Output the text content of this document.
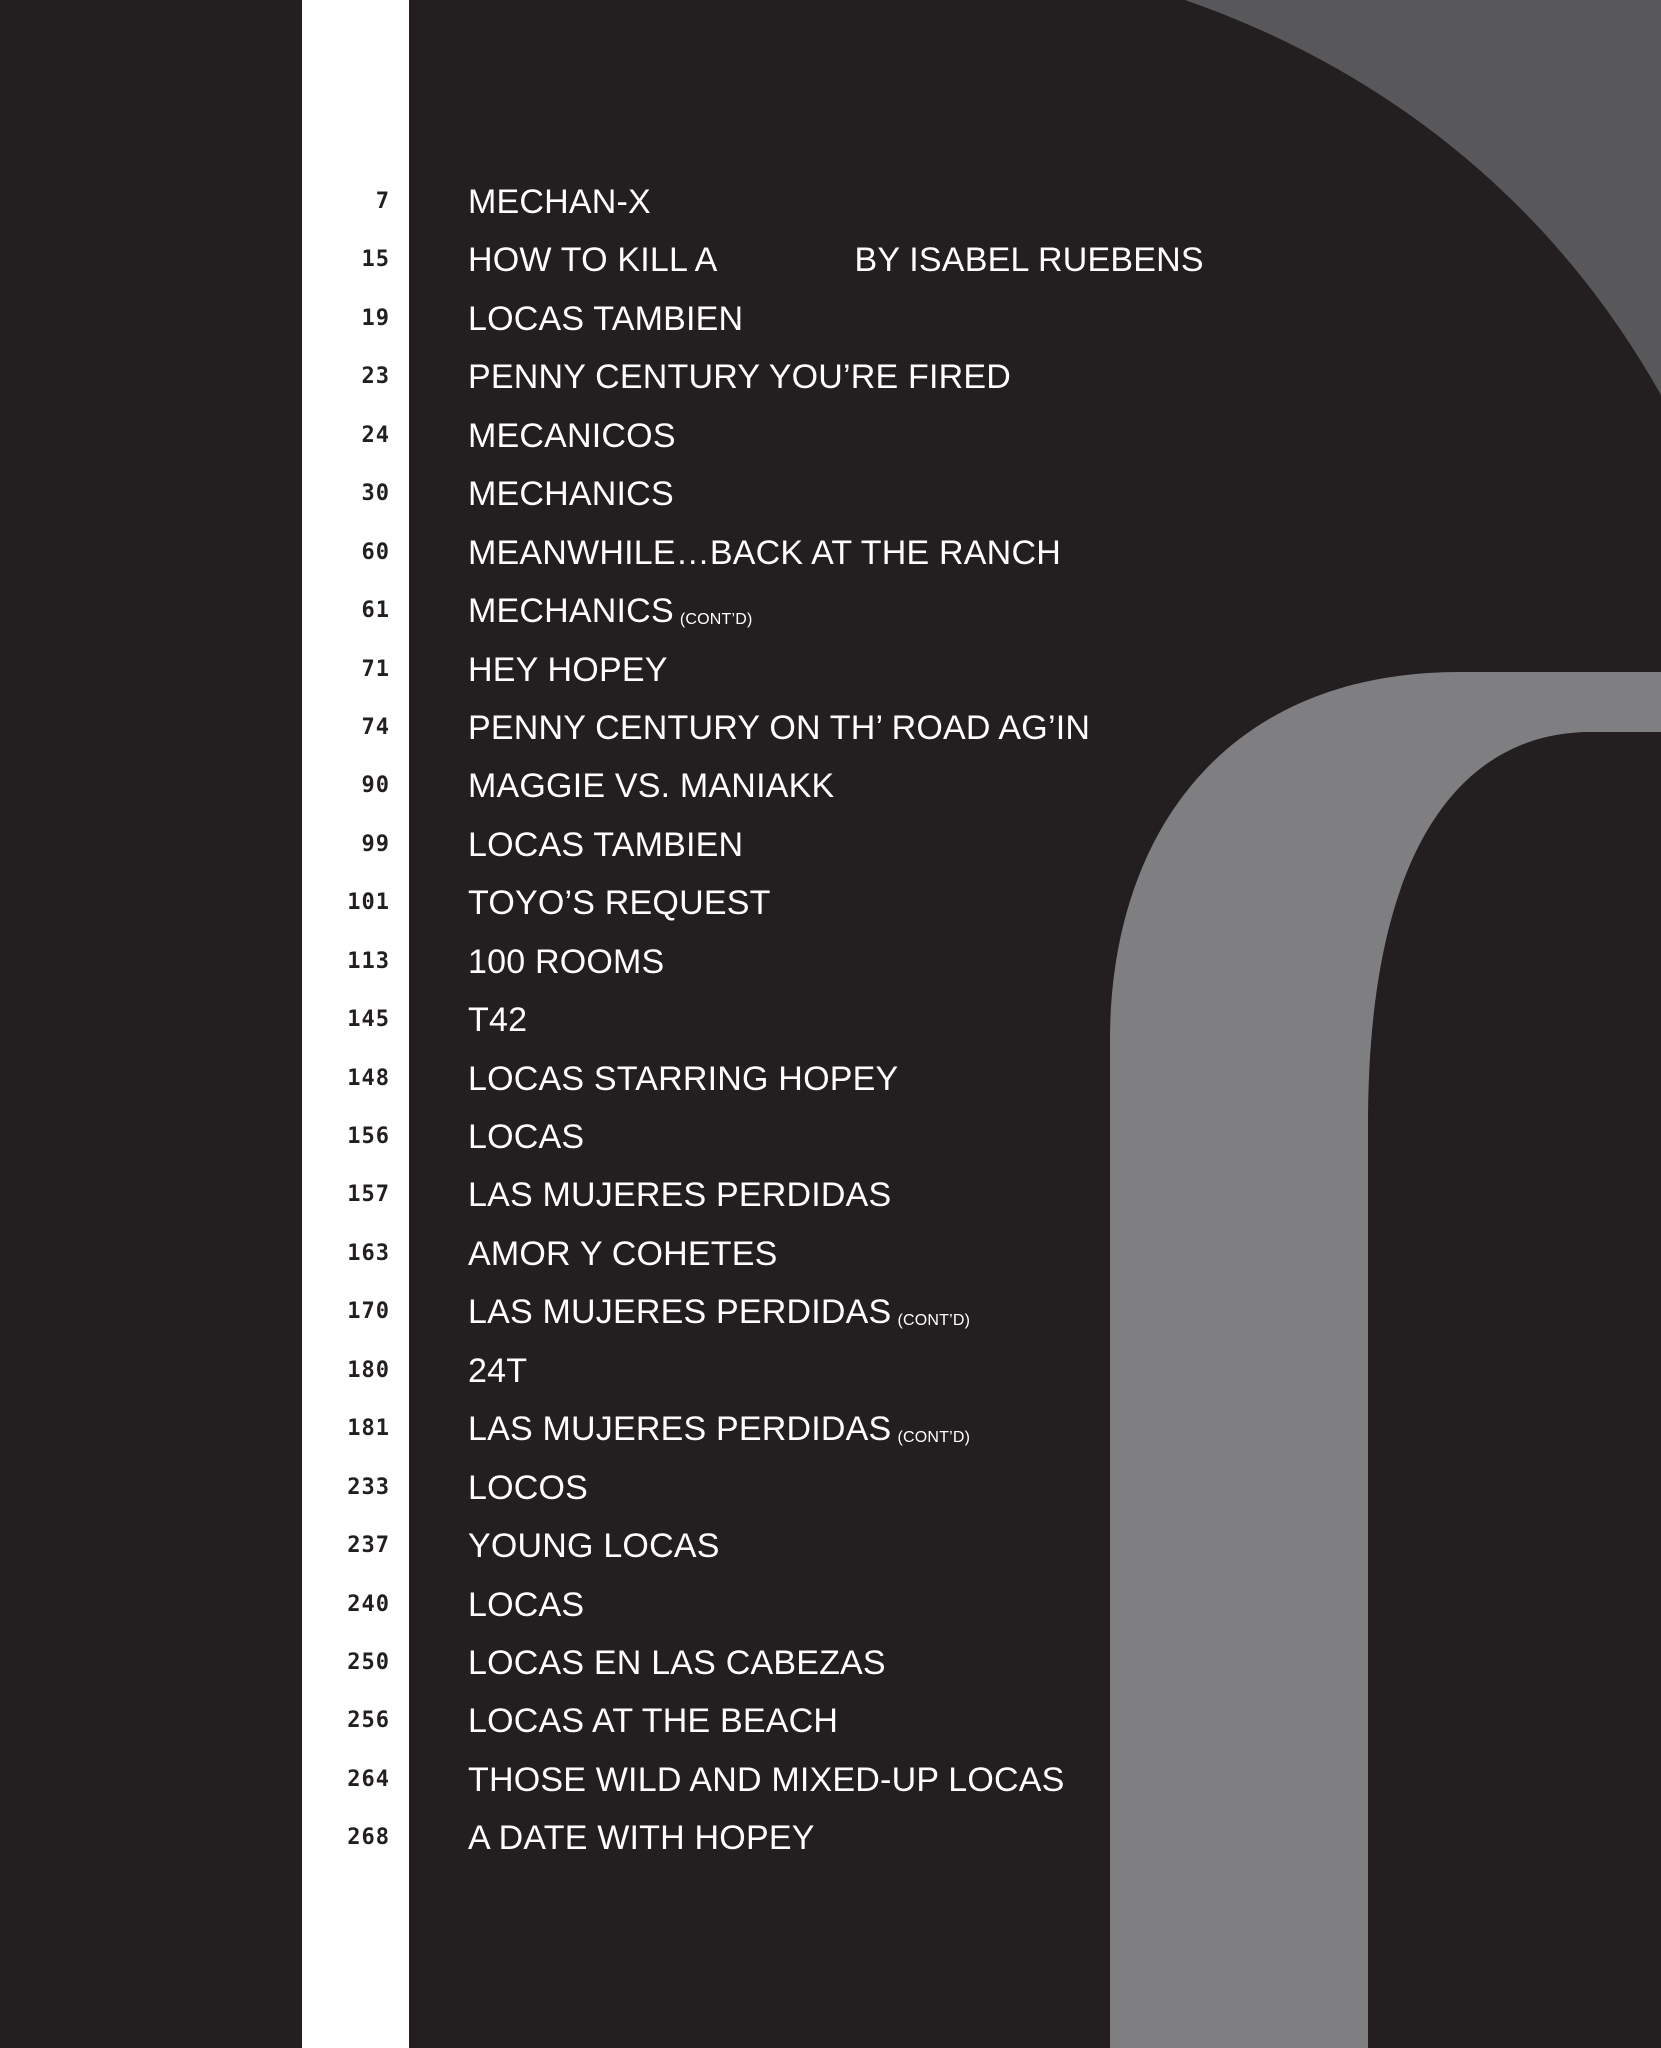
7 MECHAN-X
15 HOW TO KILL A	BY ISABEL RUEBENS
19 LOCAS TAMBIEN
23 PENNY CENTURY YOU’RE FIRED
24 MECANICOS
30 MECHANICS
60 MEANWHILE…BACK AT THE RANCH
61 MECHANICS (CONT’D)
71 HEY HOPEY
74 PENNY CENTURY ON TH’ ROAD AG’IN
90 MAGGIE VS. MANIAKK
99 LOCAS TAMBIEN
101 TOYO’S REQUEST
113 100 ROOMS
145 T42
148 LOCAS STARRING HOPEY
156 LOCAS
157 LAS MUJERES PERDIDAS
163 AMOR Y COHETES
170 LAS MUJERES PERDIDAS (CONT’D)
180 24T
181 LAS MUJERES PERDIDAS (CONT’D)
233 LOCOS
237 YOUNG LOCAS
240 LOCAS
250 LOCAS EN LAS CABEZAS
256 LOCAS AT THE BEACH
264 THOSE WILD AND MIXED-UP LOCAS
268 A DATE WITH HOPEY
